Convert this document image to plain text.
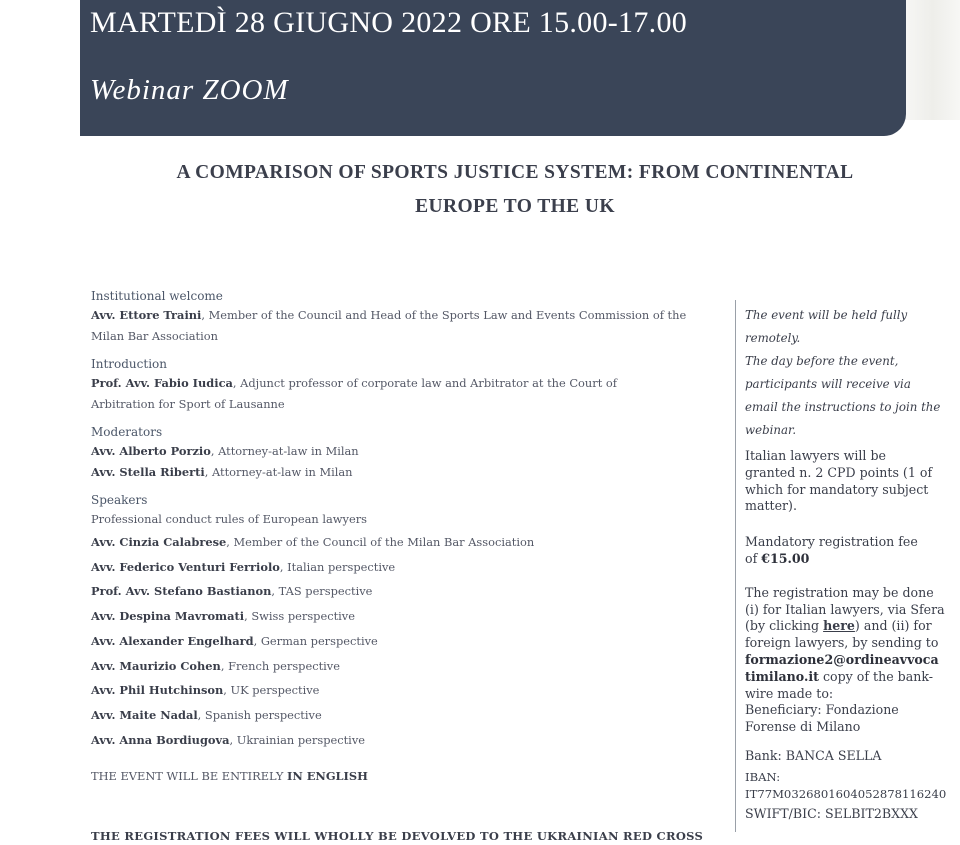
MARTEDÌ 28 GIUGNO 2022 ORE 15.00-17.00
Webinar ZOOM
A COMPARISON OF SPORTS JUSTICE SYSTEM: FROM CONTINENTAL
EUROPE TO THE UK

Institutional welcome

Avv. Ettore Traini, Member of the Council and Head of the Sports Law and Events Commission of the

Milan Bar Association

Introduction

Prof. Avv. Fabio Iudica, Adjunct professor of corporate law and Arbitrator at the Court of

Arbitration for Sport of Lausanne

Moderators

Avv. Alberto Porzio, Attorney-at-law in Milan

Avv. Stella Riberti, Attorney-at-law in Milan

Speakers

Professional conduct rules of European lawyers

Avv. Cinzia Calabrese, Member of the Council of the Milan Bar Association

Avv. Federico Venturi Ferriolo, Italian perspective

Prof. Avv. Stefano Bastianon, TAS perspective

Avv. Despina Mavromati, Swiss perspective

Avv. Alexander Engelhard, German perspective

Avv. Maurizio Cohen, French perspective

Avv. Phil Hutchinson, UK perspective

Avv. Maite Nadal, Spanish perspective

Avv. Anna Bordiugova, Ukrainian perspective

THE EVENT WILL BE ENTIRELY IN ENGLISH

THE REGISTRATION FEES WILL WHOLLY BE DEVOLVED TO THE UKRAINIAN RED CROSS

The event will be held fully

remotely.

The day before the event,

participants will receive via

email the instructions to join the

webinar.

Italian lawyers will be

granted n. 2 CPD points (1 of

which for mandatory subject

matter).

Mandatory registration fee

of €15.00

The registration may be done

(i) for Italian lawyers, via Sfera

(by clicking here) and (ii) for

foreign lawyers, by sending to

formazione2@ordineavvoca

timilano.it copy of the bank-

wire made to:

Beneficiary: Fondazione

Forense di Milano

Bank: BANCA SELLA

IBAN:

IT77M0326801604052878116240

SWIFT/BIC: SELBIT2BXXX
